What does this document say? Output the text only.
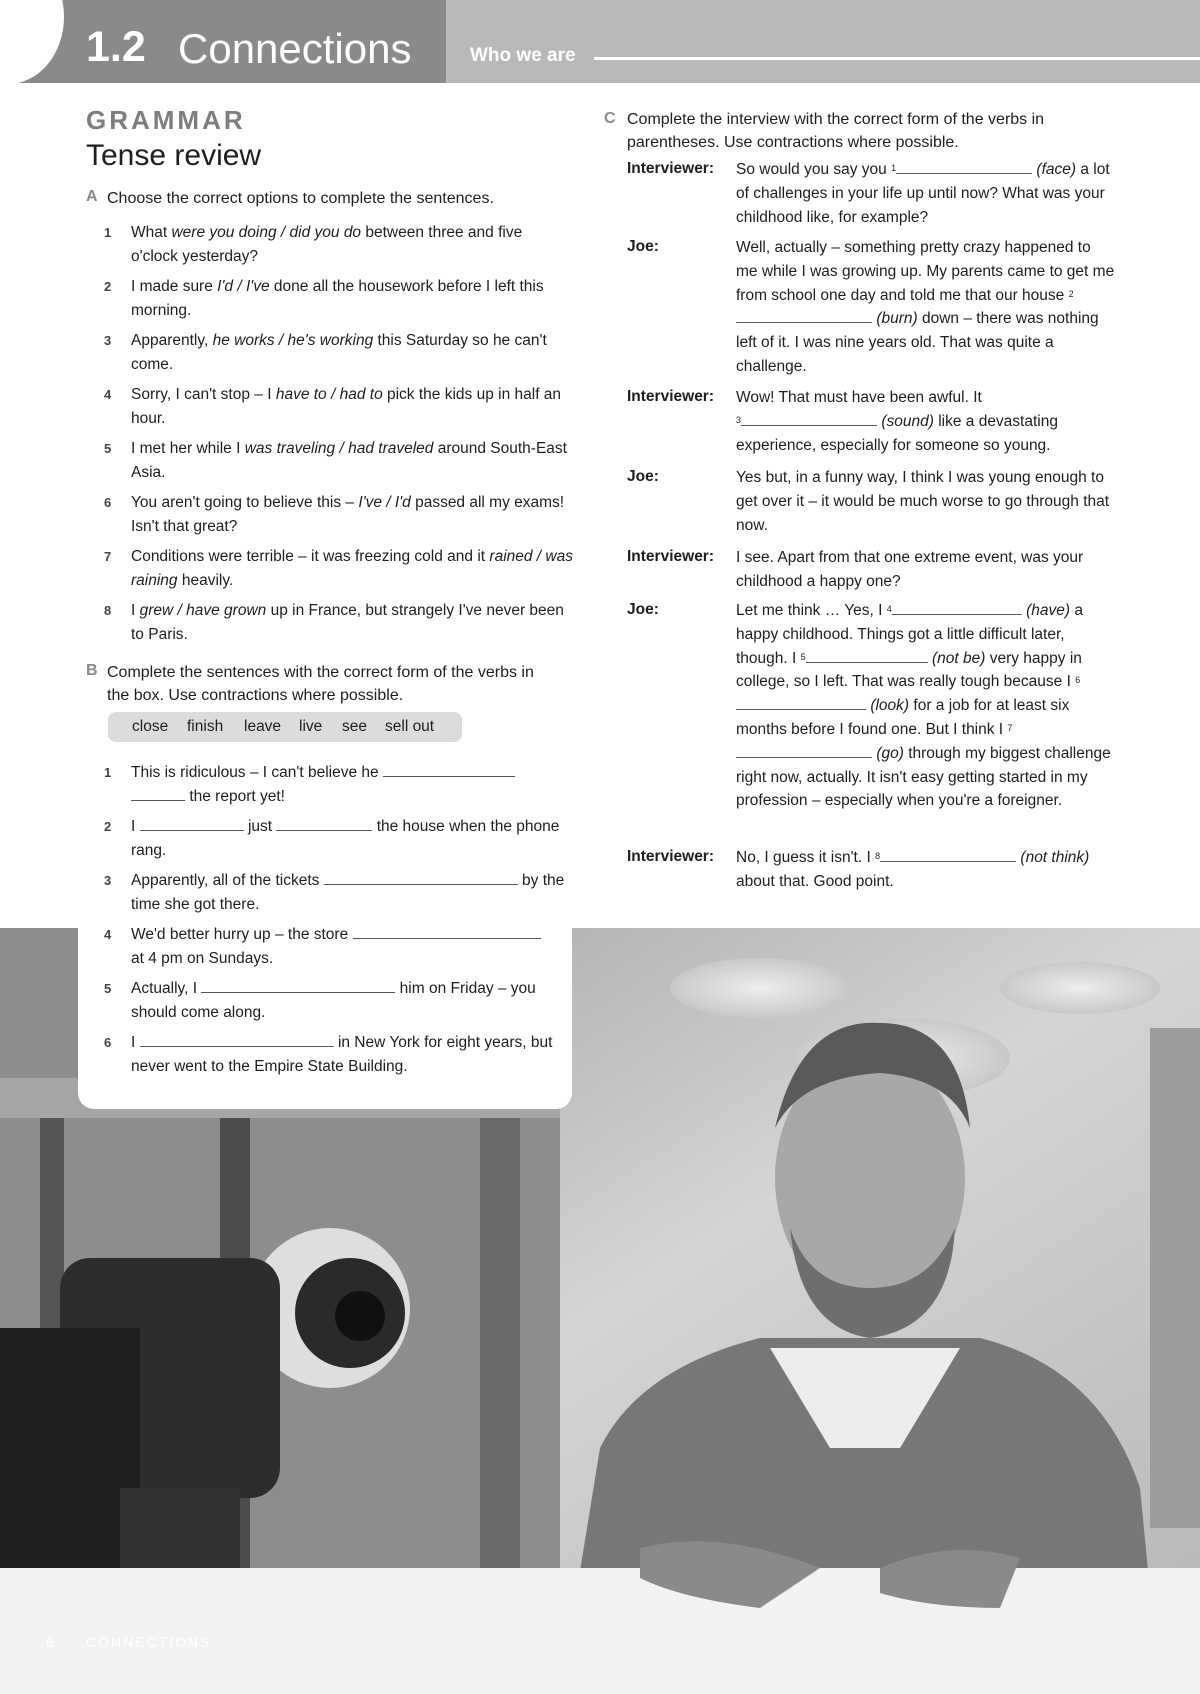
1.2 Connections	Who we are
GRAMMAR
Tense review
A Choose the correct options to complete the sentences.
1 What were you doing / did you do between three and five o'clock yesterday?
2 I made sure I'd / I've done all the housework before I left this morning.
3 Apparently, he works / he's working this Saturday so he can't come.
4 Sorry, I can't stop – I have to / had to pick the kids up in half an hour.
5 I met her while I was traveling / had traveled around South-East Asia.
6 You aren't going to believe this – I've / I'd passed all my exams! Isn't that great?
7 Conditions were terrible – it was freezing cold and it rained / was raining heavily.
8 I grew / have grown up in France, but strangely I've never been to Paris.
B Complete the sentences with the correct form of the verbs in the box. Use contractions where possible.
close finish leave live see sell out
1 This is ridiculous – I can't believe he
the report yet!
2 I	just	the house when the phone rang.
3 Apparently, all of the tickets	by the time she got there.
4 We'd better hurry up – the store
at 4 pm on Sundays.
5 Actually, I	him on Friday – you should come along.
6 I	in New York for eight years, but never went to the Empire State Building.
C Complete the interview with the correct form of the verbs in parentheses. Use contractions where possible.
Interviewer: So would you say you $^1$	(face) a lot of challenges in your life up until now? What was your childhood like, for example?
Joe:	Well, actually – something pretty crazy happened to me while I was growing up. My parents came to get me from school one day and told me that our house $^2$ (burn) down – there was nothing left of it. I was nine years old. That was quite a challenge.
Interviewer: Wow! That must have been awful. It
$^3$	(sound) like a devastating experience, especially for someone so young.
Joe:	Yes but, in a funny way, I think I was young enough to get over it – it would be much worse to go through that now.
Interviewer: I see. Apart from that one extreme event, was your childhood a happy one?
Joe:	Let me think … Yes, I $^4$	(have) a happy childhood. Things got a little difficult later, though. I $^5$	(not be) very happy in college, so I left. That was really tough because I $^6$ (look) for a job for at least six months before I found one. But I think I $^7$ (go) through my biggest challenge right now, actually. It isn't easy getting started in my profession – especially when you're a foreigner.
Interviewer: No, I guess it isn't. I $^8$	(not think) about that. Good point.
6 CONNECTIONS
